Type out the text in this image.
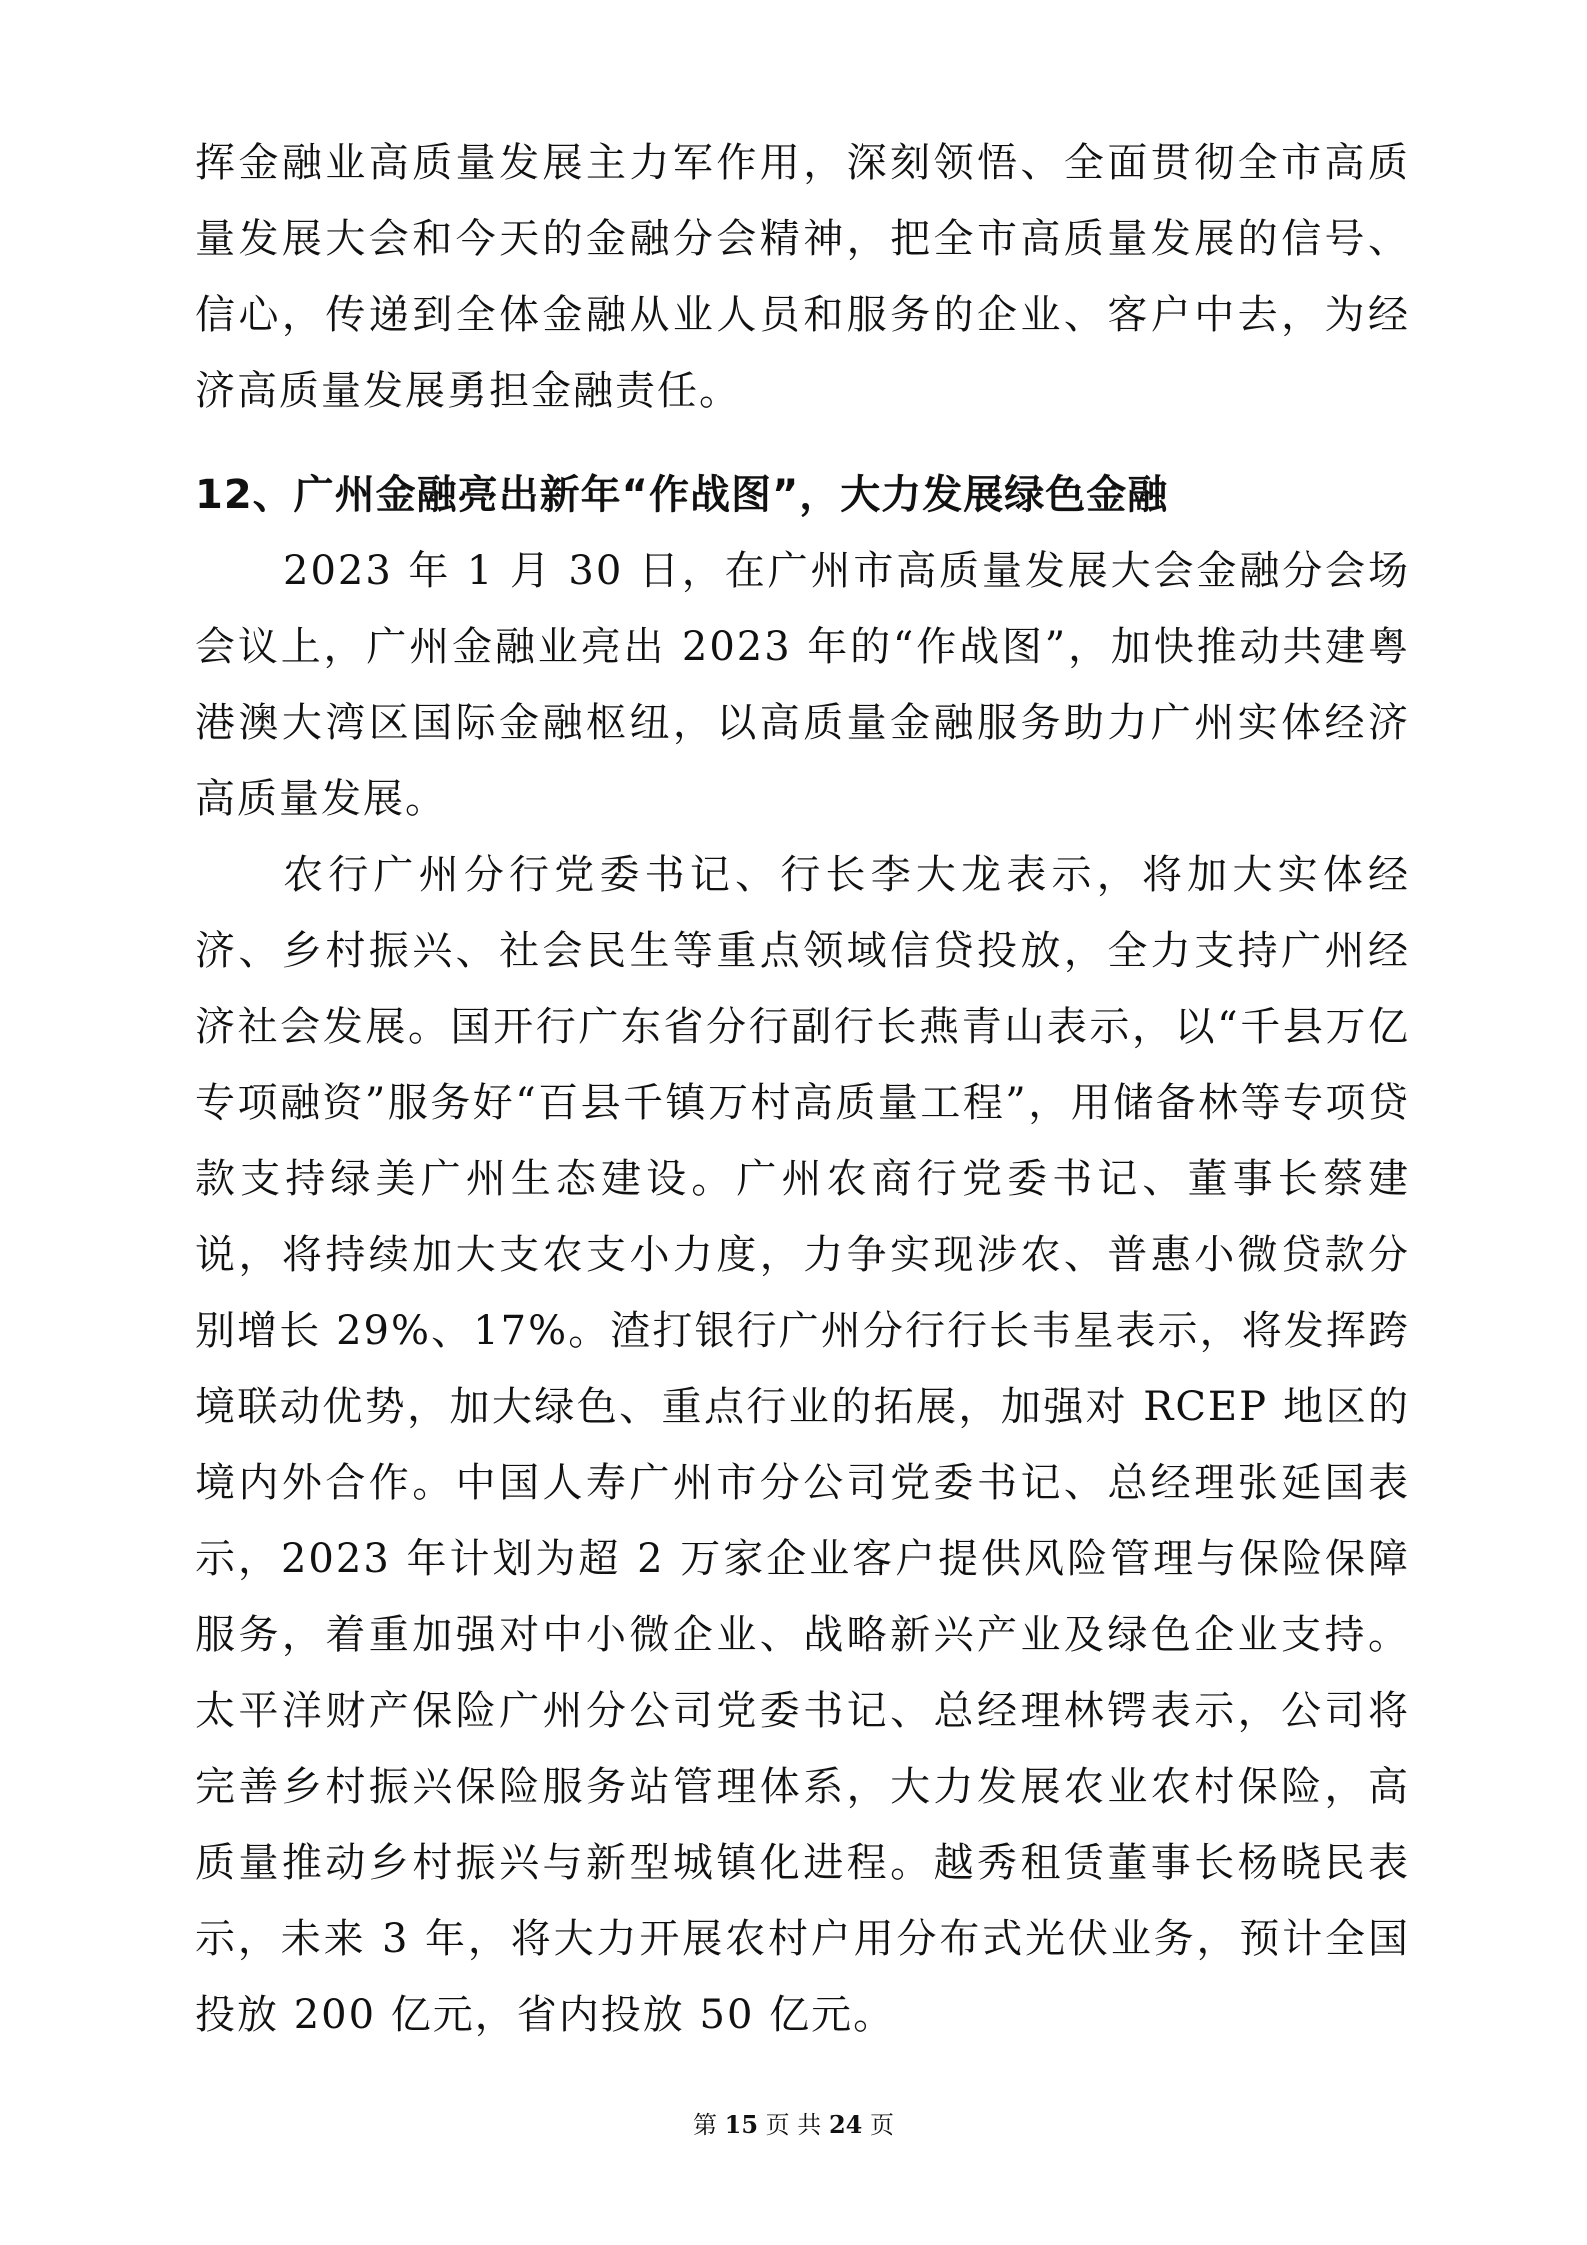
挥金融业高质量发展主力军作用，深刻领悟、全面贯彻全市高质量发展大会和今天的金融分会精神，把全市高质量发展的信号、信心，传递到全体金融从业人员和服务的企业、客户中去，为经济高质量发展勇担金融责任。

12、广州金融亮出新年“作战图”，大力发展绿色金融

2023 年 1 月 30 日，在广州市高质量发展大会金融分会场会议上，广州金融业亮出 2023 年的“作战图”，加快推动共建粤港澳大湾区国际金融枢纽，以高质量金融服务助力广州实体经济高质量发展。

农行广州分行党委书记、行长李大龙表示，将加大实体经济、乡村振兴、社会民生等重点领域信贷投放，全力支持广州经济社会发展。国开行广东省分行副行长燕青山表示，以“千县万亿专项融资”服务好“百县千镇万村高质量工程”，用储备林等专项贷款支持绿美广州生态建设。广州农商行党委书记、董事长蔡建说，将持续加大支农支小力度，力争实现涉农、普惠小微贷款分别增长 29%、17%。渣打银行广州分行行长韦星表示，将发挥跨境联动优势，加大绿色、重点行业的拓展，加强对 RCEP 地区的境内外合作。中国人寿广州市分公司党委书记、总经理张延国表示，2023 年计划为超 2 万家企业客户提供风险管理与保险保障服务，着重加强对中小微企业、战略新兴产业及绿色企业支持。太平洋财产保险广州分公司党委书记、总经理林锷表示，公司将完善乡村振兴保险服务站管理体系，大力发展农业农村保险，高质量推动乡村振兴与新型城镇化进程。越秀租赁董事长杨晓民表示，未来 3 年，将大力开展农村户用分布式光伏业务，预计全国投放 200 亿元，省内投放 50 亿元。

第 15 页 共 24 页
